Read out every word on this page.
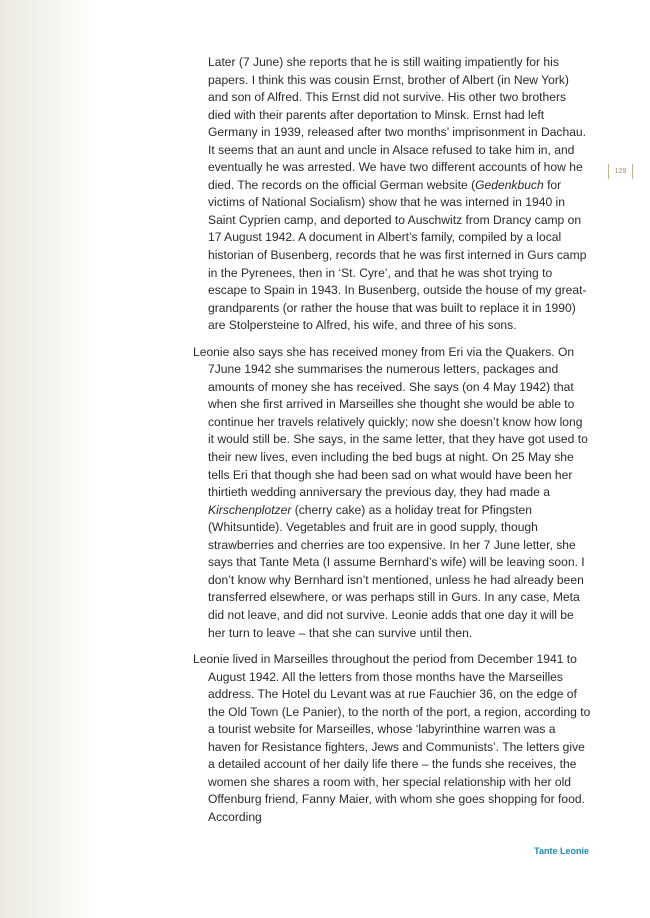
129

Later (7 June) she reports that he is still waiting impatiently for his papers. I think this was cousin Ernst, brother of Albert (in New York) and son of Alfred. This Ernst did not survive. His other two brothers died with their parents after deportation to Minsk. Ernst had left Germany in 1939, released after two months’ imprisonment in Dachau. It seems that an aunt and uncle in Alsace refused to take him in, and eventually he was arrested. We have two different accounts of how he died. The records on the official German website (Gedenkbuch for victims of National Socialism) show that he was interned in 1940 in Saint Cyprien camp, and deported to Auschwitz from Drancy camp on 17 August 1942. A document in Albert’s family, compiled by a local historian of Busenberg, records that he was first interned in Gurs camp in the Pyrenees, then in ‘St. Cyre’, and that he was shot trying to escape to Spain in 1943. In Busenberg, outside the house of my great-grandparents (or rather the house that was built to replace it in 1990) are Stolpersteine to Alfred, his wife, and three of his sons.

Leonie also says she has received money from Eri via the Quakers. On 7June 1942 she summarises the numerous letters, packages and amounts of money she has received. She says (on 4 May 1942) that when she first arrived in Marseilles she thought she would be able to continue her travels relatively quickly; now she doesn’t know how long it would still be. She says, in the same letter, that they have got used to their new lives, even including the bed bugs at night. On 25 May she tells Eri that though she had been sad on what would have been her thirtieth wedding anniversary the previous day, they had made a Kirschenplotzer (cherry cake) as a holiday treat for Pfingsten (Whitsuntide). Vegetables and fruit are in good supply, though strawberries and cherries are too expensive. In her 7 June letter, she says that Tante Meta (I assume Bernhard’s wife) will be leaving soon. I don’t know why Bernhard isn’t mentioned, unless he had already been transferred elsewhere, or was perhaps still in Gurs. In any case, Meta did not leave, and did not survive. Leonie adds that one day it will be her turn to leave – that she can survive until then.

Leonie lived in Marseilles throughout the period from December 1941 to August 1942. All the letters from those months have the Marseilles address. The Hotel du Levant was at rue Fauchier 36, on the edge of the Old Town (Le Panier), to the north of the port, a region, according to a tourist website for Marseilles, whose ‘labyrinthine warren was a haven for Resistance fighters, Jews and Communists’. The letters give a detailed account of her daily life there – the funds she receives, the women she shares a room with, her special relationship with her old Offenburg friend, Fanny Maier, with whom she goes shopping for food. According

Tante Leonie
